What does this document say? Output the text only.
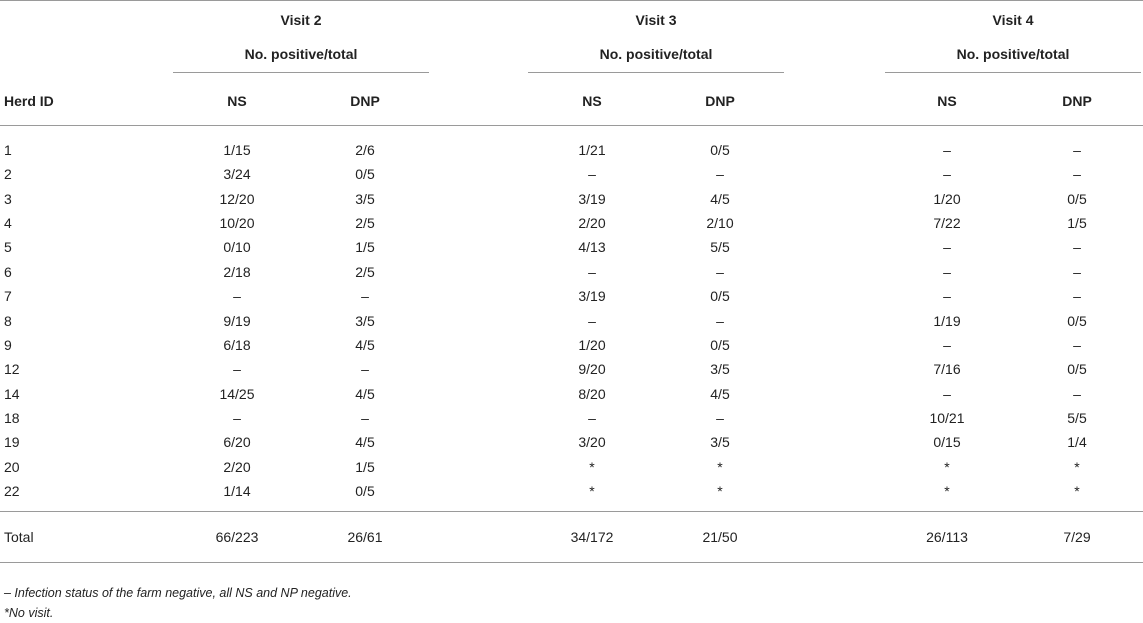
	Visit 2			Visit 3			Visit 4	

	No. positive/total			No. positive/total			No. positive/total	

Herd ID	NS	DNP		NS	DNP		NS	DNP
1	1/15	2/6		1/21	0/5		–	–
2	3/24	0/5		–	–		–	–
3	12/20	3/5		3/19	4/5		1/20	0/5
4	10/20	2/5		2/20	2/10		7/22	1/5
5	0/10	1/5		4/13	5/5		–	–
6	2/18	2/5		–	–		–	–
7	–	–		3/19	0/5		–	–
8	9/19	3/5		–	–		1/19	0/5
9	6/18	4/5		1/20	0/5		–	–
12	–	–		9/20	3/5		7/16	0/5
14	14/25	4/5		8/20	4/5		–	–
18	–	–		–	–		10/21	5/5
19	6/20	4/5		3/20	3/5		0/15	1/4
20	2/20	1/5		*	*		*	*
22	1/14	0/5		*	*		*	*
Total	66/223	26/61		34/172	21/50		26/113	7/29
– Infection status of the farm negative, all NS and NP negative.
*No visit.
